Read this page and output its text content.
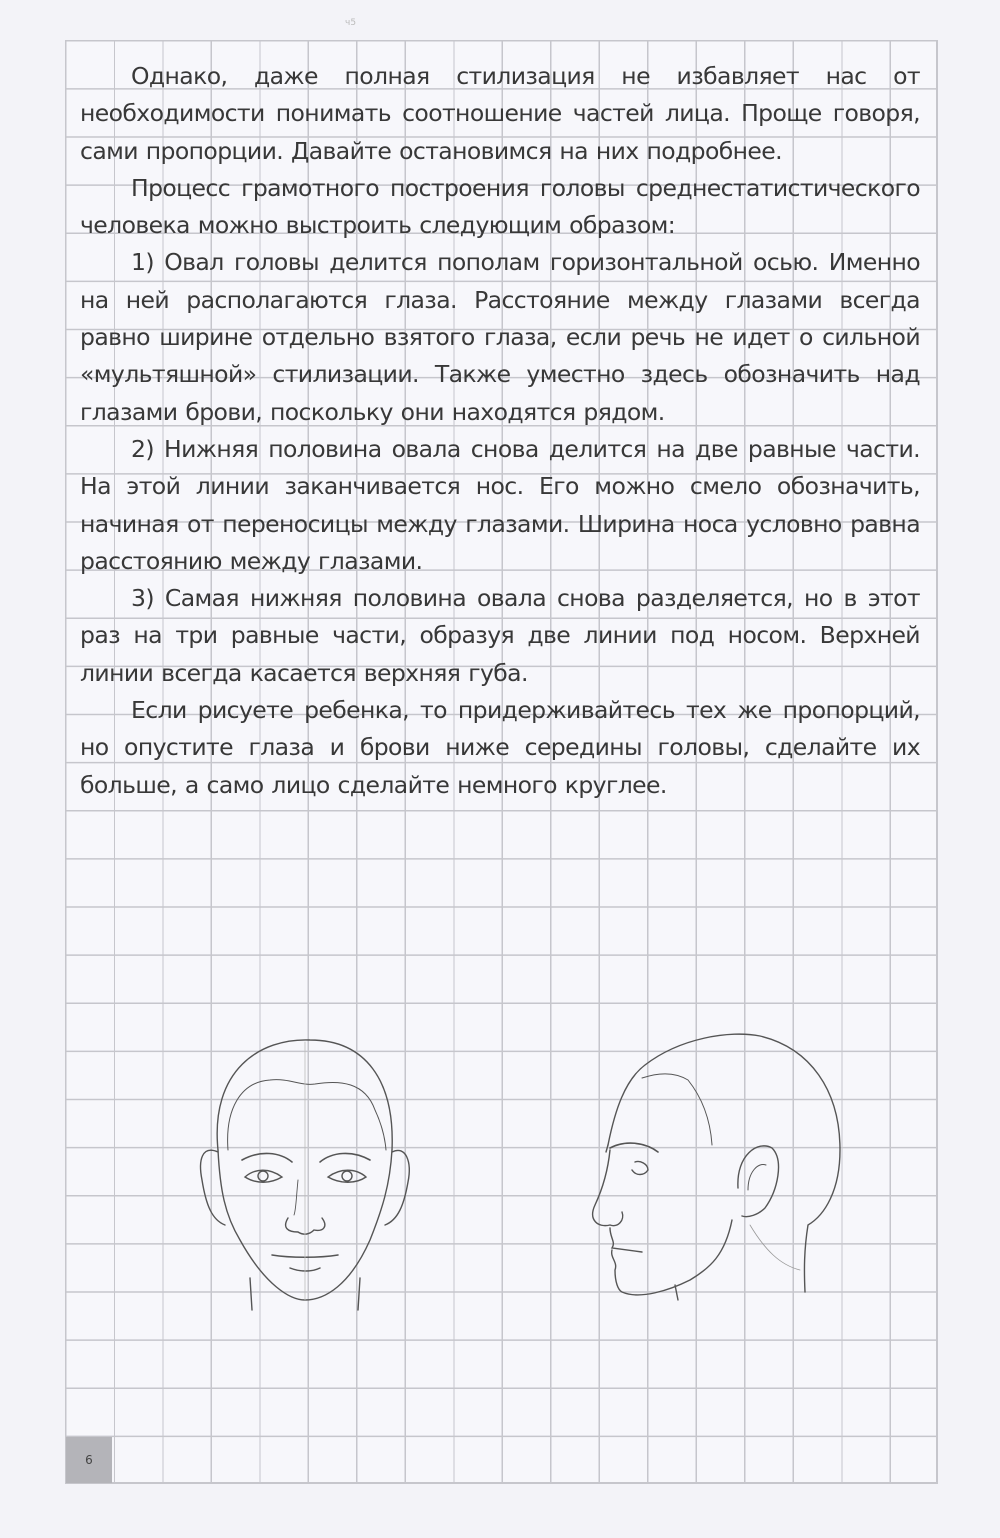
ч5

Однако, даже полная стилизация не избавляет нас от необходимости понимать соотношение частей лица. Проще говоря, сами пропорции. Давайте остановимся на них подробнее.

Процесс грамотного построения головы среднестатистического человека можно выстроить следующим образом:

1) Овал головы делится пополам горизонтальной осью. Именно на ней располагаются глаза. Расстояние между глазами всегда равно ширине отдельно взятого глаза, если речь не идет о сильной «мультяшной» стилизации. Также уместно здесь обозначить над глазами брови, поскольку они находятся рядом.

2) Нижняя половина овала снова делится на две равные части. На этой линии заканчивается нос. Его можно смело обозначить, начиная от переносицы между глазами. Ширина носа условно равна расстоянию между глазами.

3) Самая нижняя половина овала снова разделяется, но в этот раз на три равные части, образуя две линии под носом. Верхней линии всегда касается верхняя губа.

Если рисуете ребенка, то придерживайтесь тех же пропорций, но опустите глаза и брови ниже середины головы, сделайте их больше, а само лицо сделайте немного круглее.

6
